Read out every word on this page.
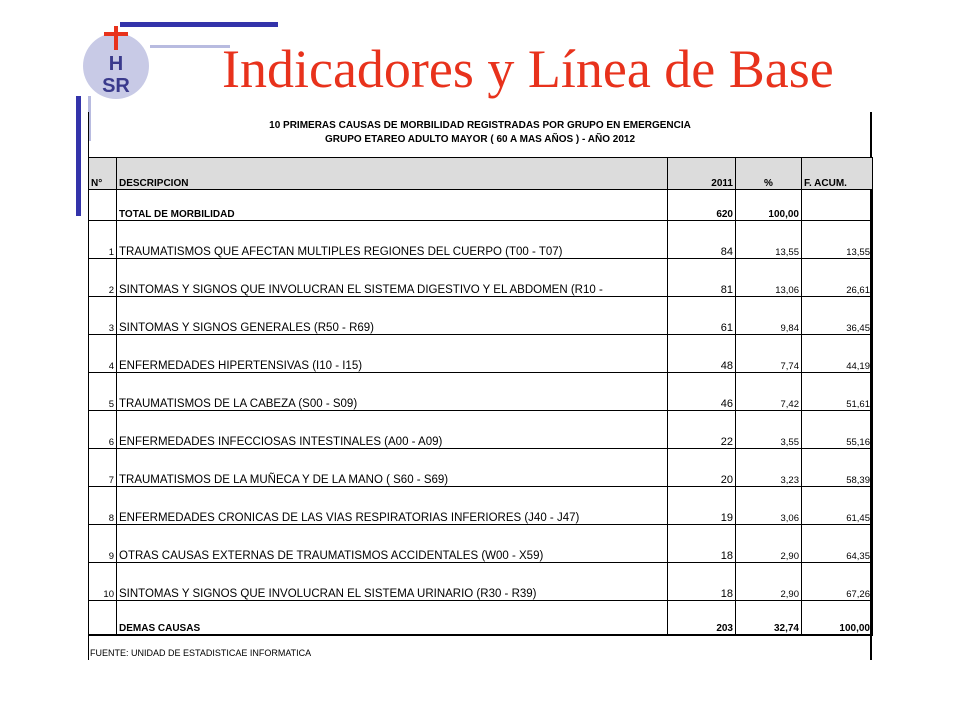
H
SR Indicadores y Línea de Base
10 PRIMERAS CAUSAS DE MORBILIDAD REGISTRADAS POR GRUPO EN EMERGENCIA
GRUPO ETAREO ADULTO MAYOR ( 60 A MAS AÑOS ) - AÑO 2012
N°	DESCRIPCION	2011	%	F. ACUM.
	TOTAL DE MORBILIDAD	620	100,00	
1	TRAUMATISMOS QUE AFECTAN MULTIPLES REGIONES DEL CUERPO (T00 - T07)	84	13,55	13,55
2	SINTOMAS Y SIGNOS QUE INVOLUCRAN EL SISTEMA DIGESTIVO Y EL ABDOMEN (R10 -	81	13,06	26,61
3	SINTOMAS Y SIGNOS GENERALES (R50 - R69)	61	9,84	36,45
4	ENFERMEDADES HIPERTENSIVAS (I10 - I15)	48	7,74	44,19
5	TRAUMATISMOS DE LA CABEZA (S00 - S09)	46	7,42	51,61
6	ENFERMEDADES INFECCIOSAS INTESTINALES (A00 - A09)	22	3,55	55,16
7	TRAUMATISMOS DE LA MUÑECA Y DE LA MANO ( S60 - S69)	20	3,23	58,39
8	ENFERMEDADES CRONICAS DE LAS VIAS RESPIRATORIAS INFERIORES (J40 - J47)	19	3,06	61,45
9	OTRAS CAUSAS EXTERNAS DE TRAUMATISMOS ACCIDENTALES (W00 - X59)	18	2,90	64,35
10	SINTOMAS Y SIGNOS QUE INVOLUCRAN EL SISTEMA URINARIO (R30 - R39)	18	2,90	67,26
	DEMAS CAUSAS	203	32,74	100,00
FUENTE: UNIDAD DE ESTADISTICAE INFORMATICA
